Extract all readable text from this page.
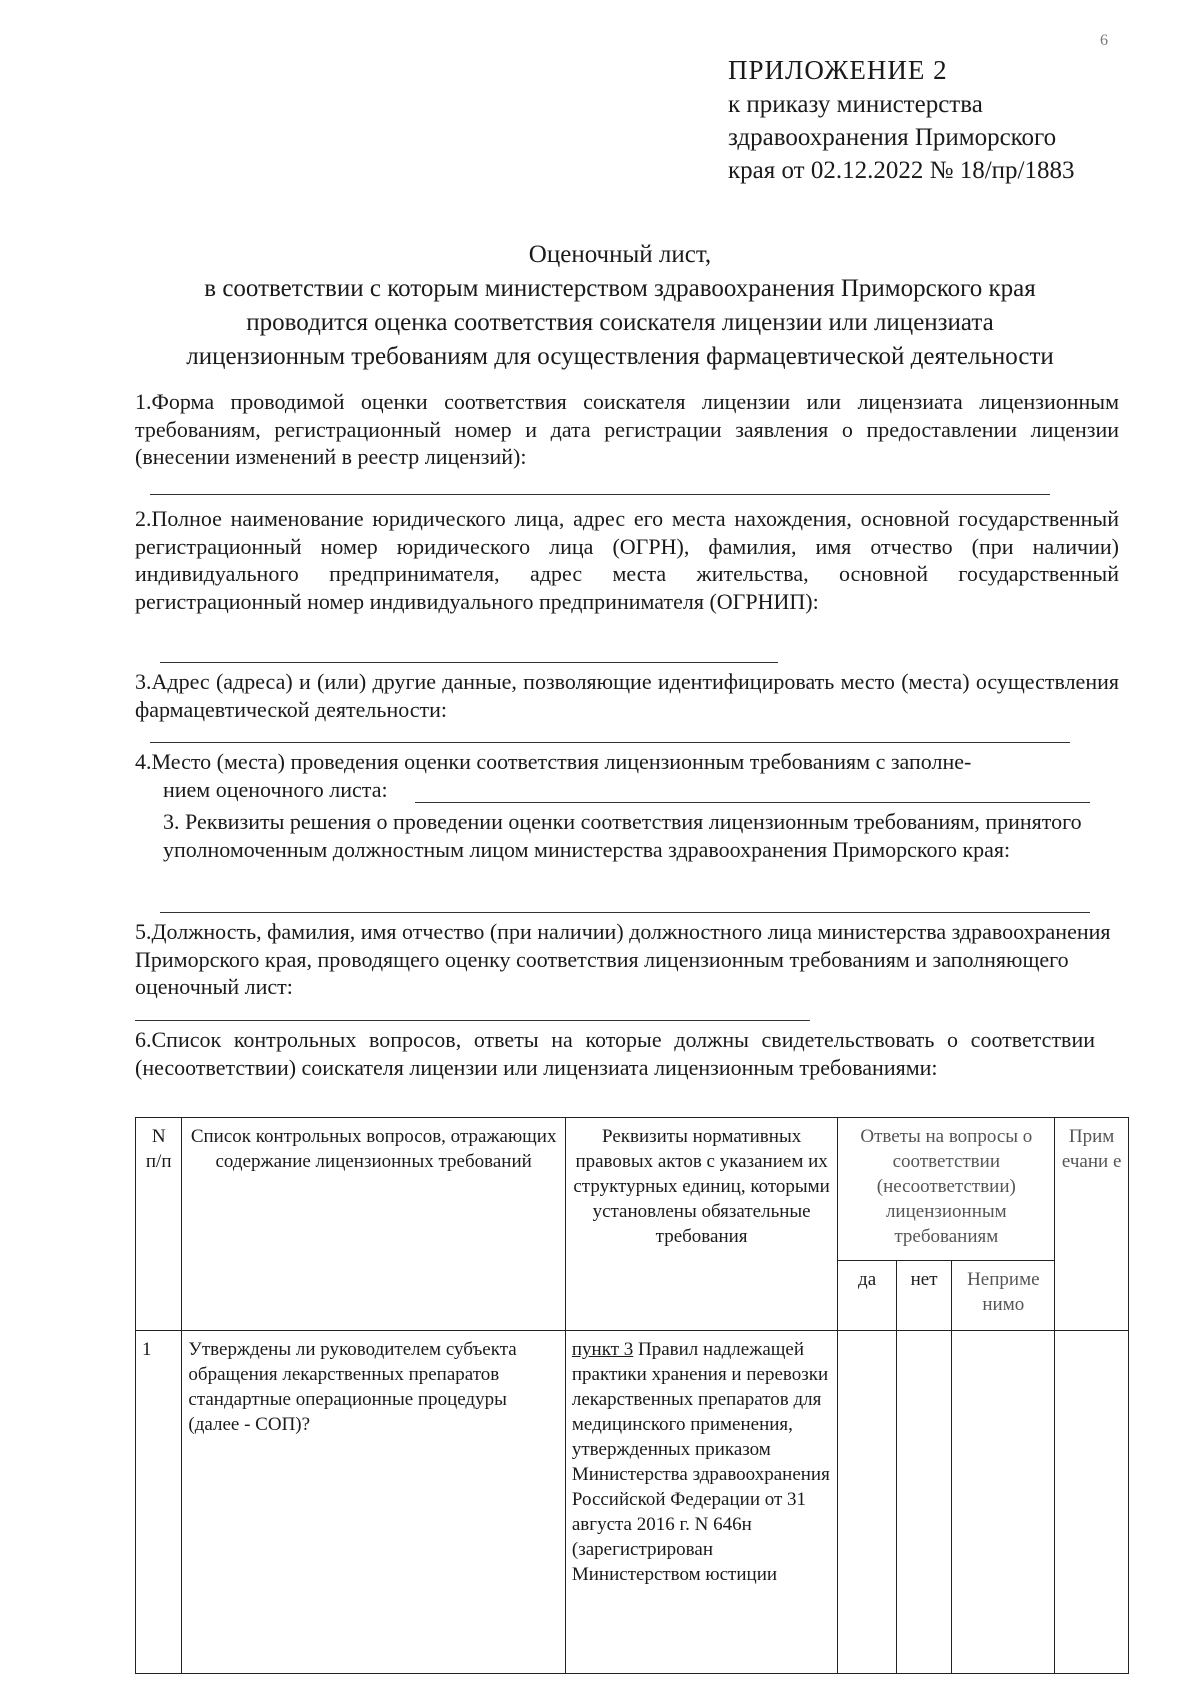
6
ПРИЛОЖЕНИЕ 2
к приказу министерства
здравоохранения Приморского
края от 02.12.2022 № 18/пр/1883
Оценочный лист,
в соответствии с которым министерством здравоохранения Приморского края
проводится оценка соответствия соискателя лицензии или лицензиата
лицензионным требованиям для осуществления фармацевтической деятельности
1.Форма проводимой оценки соответствия соискателя лицензии или лицензиата лицензионным требованиям, регистрационный номер и дата регистрации заявления о предоставлении лицензии (внесении изменений в реестр лицензий):
2.Полное наименование юридического лица, адрес его места нахождения, основной государственный регистрационный номер юридического лица (ОГРН), фамилия, имя отчество (при наличии) индивидуального предпринимателя, адрес места жительства, основной государственный регистрационный номер индивидуального предпринимателя (ОГРНИП):
3.Адрес (адреса) и (или) другие данные, позволяющие идентифицировать место (места) осуществления фармацевтической деятельности:
4.Место (места) проведения оценки соответствия лицензионным требованиям с заполне-
нием оценочного листа:
3. Реквизиты решения о проведении оценки соответствия лицензионным требованиям, принятого уполномоченным должностным лицом министерства здравоохранения Приморского края:
5.Должность, фамилия, имя отчество (при наличии) должностного лица министерства здравоохранения Приморского края, проводящего оценку соответствия лицензионным требованиям и заполняющего оценочный лист:
6.Список контрольных вопросов, ответы на которые должны свидетельствовать о соответствии (несоответствии) соискателя лицензии или лицензиата лицензионным требованиями:
N п/п	Список контрольных вопросов, отражающих содержание лицензионных требований	Реквизиты нормативных правовых актов с указанием их структурных единиц, которыми установлены обязательные требования	Ответы на вопросы о соответствии (несоответствии) лицензионным требованиям			Прим ечани е
			да	нет	Неприме нимо	
1	Утверждены ли руководителем субъекта обращения лекарственных препаратов стандартные операционные процедуры (далее - СОП)?	пункт 3 Правил надлежащей практики хранения и перевозки лекарственных препаратов для медицинского применения, утвержденных приказом Министерства здравоохранения Российской Федерации от 31 августа 2016 г. N 646н (зарегистрирован Министерством юстиции				
